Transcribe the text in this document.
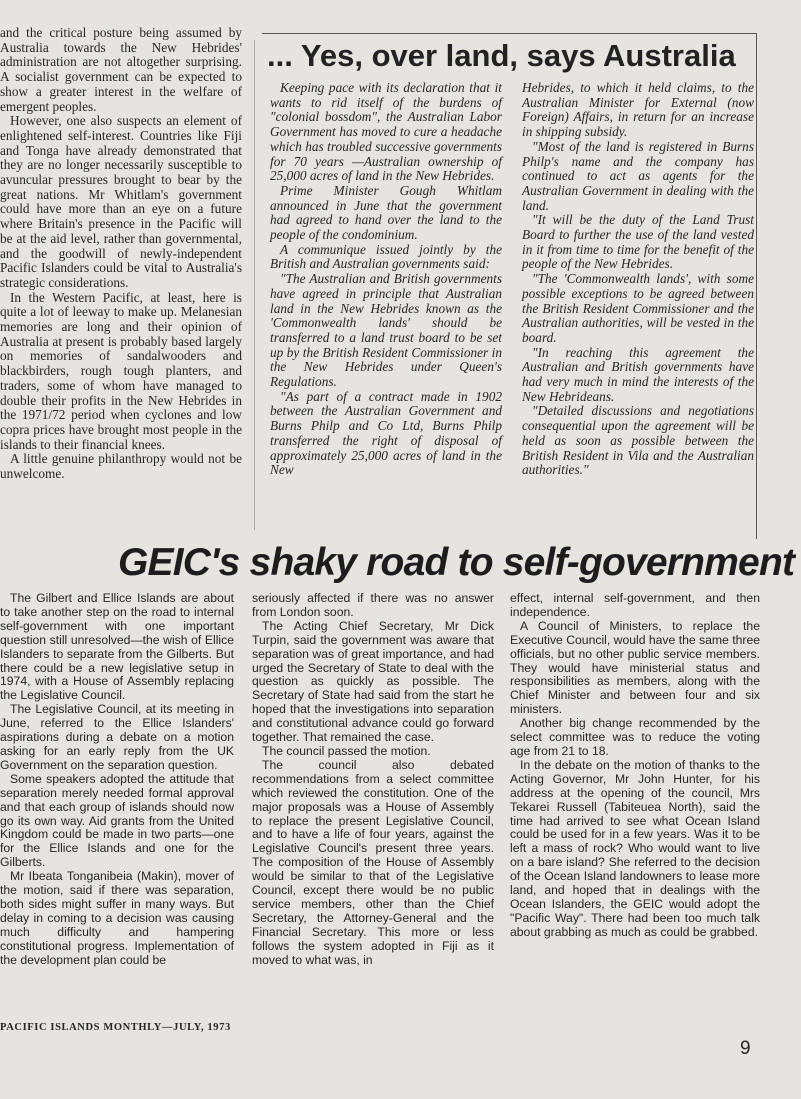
and the critical posture being assumed by Australia towards the New Hebrides' administration are not altogether surprising. A socialist government can be expected to show a greater interest in the welfare of emergent peoples.

However, one also suspects an element of enlightened self-interest. Countries like Fiji and Tonga have already demonstrated that they are no longer necessarily susceptible to avuncular pressures brought to bear by the great nations. Mr Whitlam's government could have more than an eye on a future where Britain's presence in the Pacific will be at the aid level, rather than governmental, and the goodwill of newly-independent Pacific Islanders could be vital to Australia's strategic considerations.

In the Western Pacific, at least, here is quite a lot of leeway to make up. Melanesian memories are long and their opinion of Australia at present is probably based largely on memories of sandalwooders and blackbirders, rough tough planters, and traders, some of whom have managed to double their profits in the New Hebrides in the 1971/72 period when cyclones and low copra prices have brought most people in the islands to their financial knees.

A little genuine philanthropy would not be unwelcome.

... Yes, over land, says Australia

Keeping pace with its declaration that it wants to rid itself of the burdens of "colonial bossdom", the Australian Labor Government has moved to cure a headache which has troubled successive governments for 70 years —Australian ownership of 25,000 acres of land in the New Hebrides.

Prime Minister Gough Whitlam announced in June that the government had agreed to hand over the land to the people of the condominium.

A communique issued jointly by the British and Australian governments said:

"The Australian and British governments have agreed in principle that Australian land in the New Hebrides known as the 'Commonwealth lands' should be transferred to a land trust board to be set up by the British Resident Commissioner in the New Hebrides under Queen's Regulations.

"As part of a contract made in 1902 between the Australian Government and Burns Philp and Co Ltd, Burns Philp transferred the right of disposal of approximately 25,000 acres of land in the New

Hebrides, to which it held claims, to the Australian Minister for External (now Foreign) Affairs, in return for an increase in shipping subsidy.

"Most of the land is registered in Burns Philp's name and the company has continued to act as agents for the Australian Government in dealing with the land.

"It will be the duty of the Land Trust Board to further the use of the land vested in it from time to time for the benefit of the people of the New Hebrides.

"The 'Commonwealth lands', with some possible exceptions to be agreed between the British Resident Commissioner and the Australian authorities, will be vested in the board.

"In reaching this agreement the Australian and British governments have had very much in mind the interests of the New Hebrideans.

"Detailed discussions and negotiations consequential upon the agreement will be held as soon as possible between the British Resident in Vila and the Australian authorities."

GEIC's shaky road to self-government

The Gilbert and Ellice Islands are about to take another step on the road to internal self-government with one important question still unresolved—the wish of Ellice Islanders to separate from the Gilberts. But there could be a new legislative setup in 1974, with a House of Assembly replacing the Legislative Council.

The Legislative Council, at its meeting in June, referred to the Ellice Islanders' aspirations during a debate on a motion asking for an early reply from the UK Government on the separation question.

Some speakers adopted the attitude that separation merely needed formal approval and that each group of islands should now go its own way. Aid grants from the United Kingdom could be made in two parts—one for the Ellice Islands and one for the Gilberts.

Mr Ibeata Tonganibeia (Makin), mover of the motion, said if there was separation, both sides might suffer in many ways. But delay in coming to a decision was causing much difficulty and hampering constitutional progress. Implementation of the development plan could be

seriously affected if there was no answer from London soon.

The Acting Chief Secretary, Mr Dick Turpin, said the government was aware that separation was of great importance, and had urged the Secretary of State to deal with the question as quickly as possible. The Secretary of State had said from the start he hoped that the investigations into separation and constitutional advance could go forward together. That remained the case.

The council passed the motion.

The council also debated recommendations from a select committee which reviewed the constitution. One of the major proposals was a House of Assembly to replace the present Legislative Council, and to have a life of four years, against the Legislative Council's present three years. The composition of the House of Assembly would be similar to that of the Legislative Council, except there would be no public service members, other than the Chief Secretary, the Attorney-General and the Financial Secretary. This more or less follows the system adopted in Fiji as it moved to what was, in

effect, internal self-government, and then independence.

A Council of Ministers, to replace the Executive Council, would have the same three officials, but no other public service members. They would have ministerial status and responsibilities as members, along with the Chief Minister and between four and six ministers.

Another big change recommended by the select committee was to reduce the voting age from 21 to 18.

In the debate on the motion of thanks to the Acting Governor, Mr John Hunter, for his address at the opening of the council, Mrs Tekarei Russell (Tabiteuea North), said the time had arrived to see what Ocean Island could be used for in a few years. Was it to be left a mass of rock? Who would want to live on a bare island? She referred to the decision of the Ocean Island landowners to lease more land, and hoped that in dealings with the Ocean Islanders, the GEIC would adopt the "Pacific Way". There had been too much talk about grabbing as much as could be grabbed.

PACIFIC ISLANDS MONTHLY—JULY, 1973
9
